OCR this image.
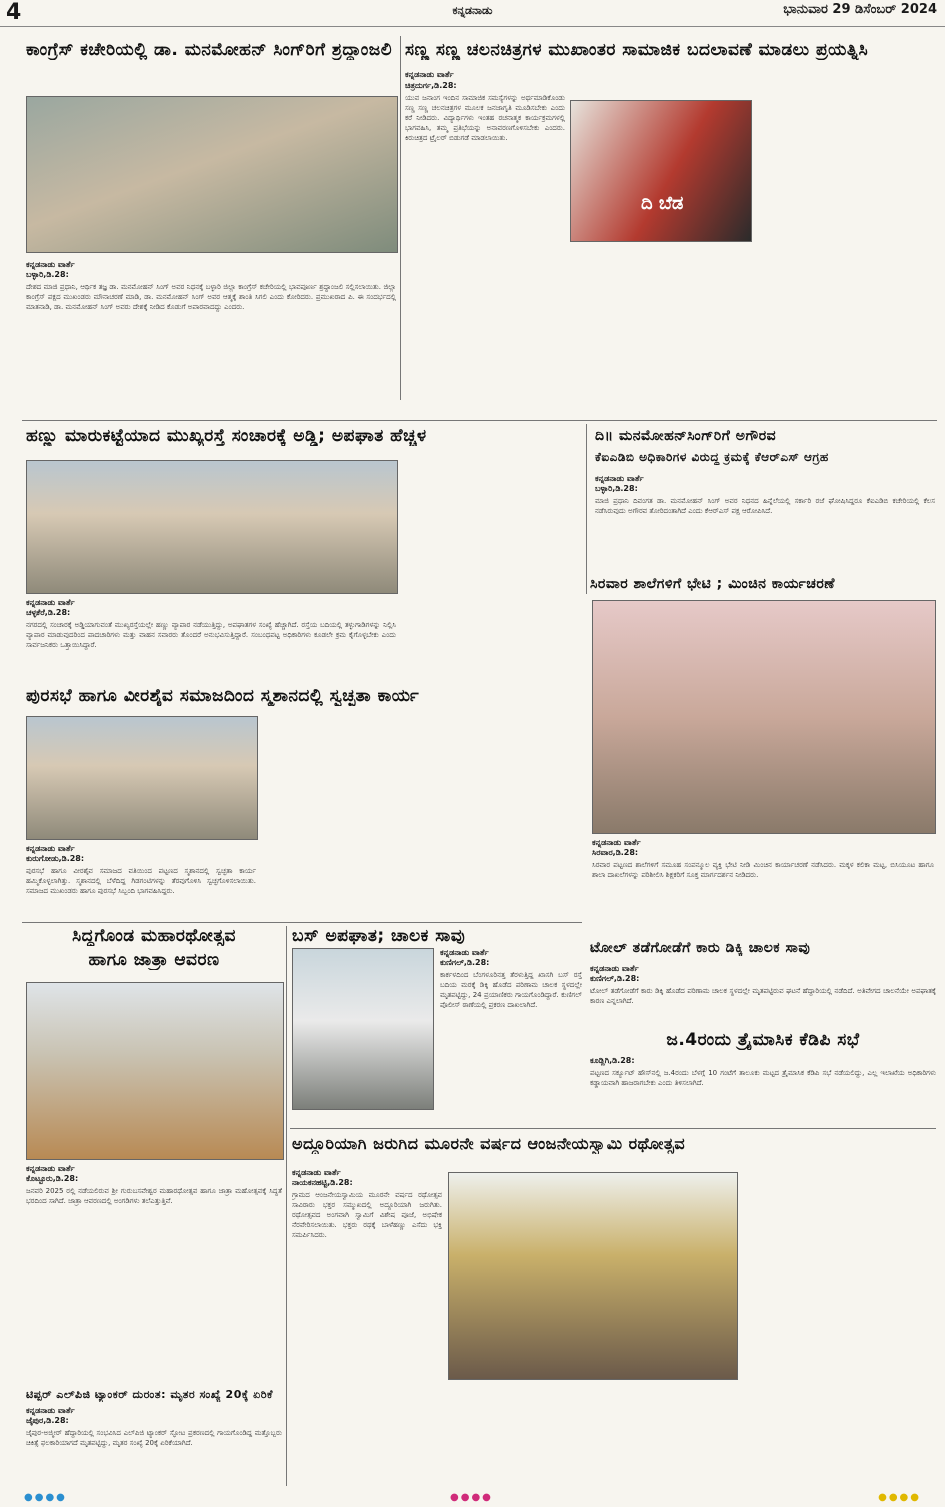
4	ಕನ್ನಡನಾಡು	ಭಾನುವಾರ 29 ಡಿಸೆಂಬರ್ 2024
ಕಾಂಗ್ರೆಸ್ ಕಚೇರಿಯಲ್ಲಿ ಡಾ. ಮನಮೋಹನ್ ಸಿಂಗ್‌ರಿಗೆ ಶ್ರದ್ಧಾಂಜಲಿ
ಕನ್ನಡನಾಡು ವಾರ್ತೆ
ಬಳ್ಳಾರಿ,ಡಿ.28:
ದೇಶದ ಮಾಜಿ ಪ್ರಧಾನಿ, ಆರ್ಥಿಕ ತಜ್ಞ ಡಾ. ಮನಮೋಹನ್ ಸಿಂಗ್ ಅವರ ನಿಧನಕ್ಕೆ ಬಳ್ಳಾರಿ ಜಿಲ್ಲಾ ಕಾಂಗ್ರೆಸ್ ಕಚೇರಿಯಲ್ಲಿ ಭಾವಪೂರ್ಣ ಶ್ರದ್ಧಾಂಜಲಿ ಸಲ್ಲಿಸಲಾಯಿತು. ಜಿಲ್ಲಾ ಕಾಂಗ್ರೆಸ್ ಪಕ್ಷದ ಮುಖಂಡರು ಮೌನಾಚರಣೆ ಮಾಡಿ, ಡಾ. ಮನಮೋಹನ್ ಸಿಂಗ್ ಅವರ ಆತ್ಮಕ್ಕೆ ಶಾಂತಿ ಸಿಗಲಿ ಎಂದು ಕೋರಿದರು. ಪ್ರಮುಖರಾದ ಪಿ. ಈ ಸಂದರ್ಭದಲ್ಲಿ ಮಾತನಾಡಿ, ಡಾ. ಮನಮೋಹನ್ ಸಿಂಗ್ ಅವರು ದೇಶಕ್ಕೆ ನೀಡಿದ ಕೊಡುಗೆ ಅಪಾರವಾದದ್ದು ಎಂದರು.
ಸಣ್ಣ ಸಣ್ಣ ಚಲನಚಿತ್ರಗಳ ಮುಖಾಂತರ ಸಾಮಾಜಿಕ ಬದಲಾವಣೆ ಮಾಡಲು ಪ್ರಯತ್ನಿಸಿ
ಕನ್ನಡನಾಡು ವಾರ್ತೆ
ಚಿತ್ರದುರ್ಗ,ಡಿ.28:
ಯುವ ಜನಾಂಗ ಇಂದಿನ ಸಾಮಾಜಿಕ ಸಮಸ್ಯೆಗಳನ್ನು ಅರ್ಥಮಾಡಿಕೊಂಡು ಸಣ್ಣ ಸಣ್ಣ ಚಲನಚಿತ್ರಗಳ ಮೂಲಕ ಜನಜಾಗೃತಿ ಮೂಡಿಸಬೇಕು ಎಂದು ಕರೆ ನೀಡಿದರು. ವಿದ್ಯಾರ್ಥಿಗಳು ಇಂತಹ ರಚನಾತ್ಮಕ ಕಾರ್ಯಕ್ರಮಗಳಲ್ಲಿ ಭಾಗವಹಿಸಿ, ತಮ್ಮ ಪ್ರತಿಭೆಯನ್ನು ಅನಾವರಣಗೊಳಿಸಬೇಕು ಎಂದರು. ಕಿರುಚಿತ್ರದ ಟ್ರೈಲರ್ ಬಿಡುಗಡೆ ಮಾಡಲಾಯಿತು.
ದಿ ಬೆಡ
ಹಣ್ಣು ಮಾರುಕಟ್ಟೆಯಾದ ಮುಖ್ಯರಸ್ತೆ ಸಂಚಾರಕ್ಕೆ ಅಡ್ಡಿ; ಅಪಘಾತ ಹೆಚ್ಚಳ
ಕನ್ನಡನಾಡು ವಾರ್ತೆ
ಚಳ್ಳಕೆರೆ,ಡಿ.28:
ನಗರದಲ್ಲಿ ಸಂಚಾರಕ್ಕೆ ಅಡ್ಡಿಯಾಗುವಂತೆ ಮುಖ್ಯರಸ್ತೆಯಲ್ಲೇ ಹಣ್ಣು ವ್ಯಾಪಾರ ನಡೆಯುತ್ತಿದ್ದು, ಅಪಘಾತಗಳ ಸಂಖ್ಯೆ ಹೆಚ್ಚಾಗಿದೆ. ರಸ್ತೆಯ ಬದಿಯಲ್ಲಿ ತಳ್ಳುಗಾಡಿಗಳನ್ನು ನಿಲ್ಲಿಸಿ ವ್ಯಾಪಾರ ಮಾಡುವುದರಿಂದ ಪಾದಚಾರಿಗಳು ಮತ್ತು ವಾಹನ ಸವಾರರು ತೊಂದರೆ ಅನುಭವಿಸುತ್ತಿದ್ದಾರೆ. ಸಂಬಂಧಪಟ್ಟ ಅಧಿಕಾರಿಗಳು ಕೂಡಲೇ ಕ್ರಮ ಕೈಗೊಳ್ಳಬೇಕು ಎಂದು ಸಾರ್ವಜನಿಕರು ಒತ್ತಾಯಿಸಿದ್ದಾರೆ.
ದಿ॥ ಮನಮೋಹನ್‌ಸಿಂಗ್‌ರಿಗೆ ಅಗೌರವ
ಕೆಐಎಡಿಬಿ ಅಧಿಕಾರಿಗಳ ವಿರುದ್ಧ ಕ್ರಮಕ್ಕೆ ಕೆಆರ್‌ಎಸ್ ಆಗ್ರಹ
ಕನ್ನಡನಾಡು ವಾರ್ತೆ
ಬಳ್ಳಾರಿ,ಡಿ.28:
ಮಾಜಿ ಪ್ರಧಾನಿ ದಿವಂಗತ ಡಾ. ಮನಮೋಹನ್ ಸಿಂಗ್ ಅವರ ನಿಧನದ ಹಿನ್ನೆಲೆಯಲ್ಲಿ ಸರ್ಕಾರಿ ರಜೆ ಘೋಷಿಸಿದ್ದರೂ ಕೆಐಎಡಿಬಿ ಕಚೇರಿಯಲ್ಲಿ ಕೆಲಸ ನಡೆಸಿರುವುದು ಅಗೌರವ ತೋರಿದಂತಾಗಿದೆ ಎಂದು ಕೆಆರ್‌ಎಸ್ ಪಕ್ಷ ಆರೋಪಿಸಿದೆ.
ಸಿರವಾರ ಶಾಲೆಗಳಿಗೆ ಭೇಟಿ ; ಮಿಂಚಿನ ಕಾರ್ಯಚರಣೆ
ಕನ್ನಡನಾಡು ವಾರ್ತೆ
ಸಿರವಾರ,ಡಿ.28:
ಸಿರವಾರ ಪಟ್ಟಣದ ಶಾಲೆಗಳಿಗೆ ಸಮೂಹ ಸಂಪನ್ಮೂಲ ವ್ಯಕ್ತಿ ಭೇಟಿ ನೀಡಿ ಮಿಂಚಿನ ಕಾರ್ಯಾಚರಣೆ ನಡೆಸಿದರು. ಮಕ್ಕಳ ಕಲಿಕಾ ಮಟ್ಟ, ಬಿಸಿಯೂಟ ಹಾಗೂ ಶಾಲಾ ದಾಖಲೆಗಳನ್ನು ಪರಿಶೀಲಿಸಿ ಶಿಕ್ಷಕರಿಗೆ ಸೂಕ್ತ ಮಾರ್ಗದರ್ಶನ ನೀಡಿದರು.
ಪುರಸಭೆ ಹಾಗೂ ವೀರಶೈವ ಸಮಾಜದಿಂದ ಸ್ಮಶಾನದಲ್ಲಿ ಸ್ವಚ್ಛತಾ ಕಾರ್ಯ
ಕನ್ನಡನಾಡು ವಾರ್ತೆ
ಕುರುಗೋಡು,ಡಿ.28:
ಪುರಸಭೆ ಹಾಗೂ ವೀರಶೈವ ಸಮಾಜದ ವತಿಯಿಂದ ಪಟ್ಟಣದ ಸ್ಮಶಾನದಲ್ಲಿ ಸ್ವಚ್ಛತಾ ಕಾರ್ಯ ಹಮ್ಮಿಕೊಳ್ಳಲಾಗಿತ್ತು. ಸ್ಮಶಾನದಲ್ಲಿ ಬೆಳೆದಿದ್ದ ಗಿಡಗಂಟಿಗಳನ್ನು ತೆರವುಗೊಳಿಸಿ ಸ್ವಚ್ಛಗೊಳಿಸಲಾಯಿತು. ಸಮಾಜದ ಮುಖಂಡರು ಹಾಗೂ ಪುರಸಭೆ ಸಿಬ್ಬಂದಿ ಭಾಗವಹಿಸಿದ್ದರು.
ಸಿದ್ಧಗೊಂಡ ಮಹಾರಥೋತ್ಸವ
ಹಾಗೂ ಜಾತ್ರಾ ಆವರಣ
ಕನ್ನಡನಾಡು ವಾರ್ತೆ
ಕೊಟ್ಟೂರು,ಡಿ.28:
ಜನವರಿ 2025 ರಲ್ಲಿ ನಡೆಯಲಿರುವ ಶ್ರೀ ಗುರುಬಸವೇಶ್ವರ ಮಹಾರಥೋತ್ಸವ ಹಾಗೂ ಜಾತ್ರಾ ಮಹೋತ್ಸವಕ್ಕೆ ಸಿದ್ಧತೆ ಭರದಿಂದ ಸಾಗಿದೆ. ಜಾತ್ರಾ ಆವರಣದಲ್ಲಿ ಅಂಗಡಿಗಳು ತಲೆಎತ್ತುತ್ತಿವೆ.
ಟಿಪ್ಪರ್ ಎಲ್‌ಪಿಜಿ ಟ್ಯಾಂಕರ್ ದುರಂತ: ಮೃತರ ಸಂಖ್ಯೆ 20ಕ್ಕೆ ಏರಿಕೆ
ಕನ್ನಡನಾಡು ವಾರ್ತೆ
ಜೈಪುರ,ಡಿ.28:
ಜೈಪುರ-ಅಜ್ಮೀರ್ ಹೆದ್ದಾರಿಯಲ್ಲಿ ಸಂಭವಿಸಿದ ಎಲ್‌ಪಿಜಿ ಟ್ಯಾಂಕರ್ ಸ್ಫೋಟ ಪ್ರಕರಣದಲ್ಲಿ ಗಾಯಗೊಂಡಿದ್ದ ಮತ್ತೊಬ್ಬರು ಚಿಕಿತ್ಸೆ ಫಲಕಾರಿಯಾಗದೆ ಮೃತಪಟ್ಟಿದ್ದು, ಮೃತರ ಸಂಖ್ಯೆ 20ಕ್ಕೆ ಏರಿಕೆಯಾಗಿದೆ.
ಬಸ್ ಅಪಘಾತ; ಚಾಲಕ ಸಾವು
ಕನ್ನಡನಾಡು ವಾರ್ತೆ
ಕುಣಿಗಲ್,ಡಿ.28:
ಕಾರ್ಕಳದಿಂದ ಬೆಂಗಳೂರಿನತ್ತ ತೆರಳುತ್ತಿದ್ದ ಖಾಸಗಿ ಬಸ್ ರಸ್ತೆ ಬದಿಯ ಮರಕ್ಕೆ ಡಿಕ್ಕಿ ಹೊಡೆದ ಪರಿಣಾಮ ಚಾಲಕ ಸ್ಥಳದಲ್ಲೇ ಮೃತಪಟ್ಟಿದ್ದು, 24 ಪ್ರಯಾಣಿಕರು ಗಾಯಗೊಂಡಿದ್ದಾರೆ. ಕುಣಿಗಲ್ ಪೊಲೀಸ್ ಠಾಣೆಯಲ್ಲಿ ಪ್ರಕರಣ ದಾಖಲಾಗಿದೆ.
ಟೋಲ್ ತಡೆಗೋಡೆಗೆ ಕಾರು ಡಿಕ್ಕಿ ಚಾಲಕ ಸಾವು
ಕನ್ನಡನಾಡು ವಾರ್ತೆ
ಕುಣಿಗಲ್,ಡಿ.28:
ಟೋಲ್ ತಡೆಗೋಡೆಗೆ ಕಾರು ಡಿಕ್ಕಿ ಹೊಡೆದ ಪರಿಣಾಮ ಚಾಲಕ ಸ್ಥಳದಲ್ಲೇ ಮೃತಪಟ್ಟಿರುವ ಘಟನೆ ಹೆದ್ದಾರಿಯಲ್ಲಿ ನಡೆದಿದೆ. ಅತಿವೇಗದ ಚಾಲನೆಯೇ ಅಪಘಾತಕ್ಕೆ ಕಾರಣ ಎನ್ನಲಾಗಿದೆ.
ಜ.4ರಂದು ತ್ರೈಮಾಸಿಕ ಕೆಡಿಪಿ ಸಭೆ
ಕೂಡ್ಲಿಗಿ,ಡಿ.28:
ಪಟ್ಟಣದ ಸರ್ಕ್ಯೂಟ್ ಹೌಸ್‌ನಲ್ಲಿ ಜ.4ರಂದು ಬೆಳಗ್ಗೆ 10 ಗಂಟೆಗೆ ತಾಲೂಕು ಮಟ್ಟದ ತ್ರೈಮಾಸಿಕ ಕೆಡಿಪಿ ಸಭೆ ನಡೆಯಲಿದ್ದು, ಎಲ್ಲ ಇಲಾಖೆಯ ಅಧಿಕಾರಿಗಳು ಕಡ್ಡಾಯವಾಗಿ ಹಾಜರಾಗಬೇಕು ಎಂದು ತಿಳಿಸಲಾಗಿದೆ.
ಅದ್ದೂರಿಯಾಗಿ ಜರುಗಿದ ಮೂರನೇ ವರ್ಷದ ಆಂಜನೇಯಸ್ವಾಮಿ ರಥೋತ್ಸವ
ಕನ್ನಡನಾಡು ವಾರ್ತೆ
ನಾಯಕನಹಟ್ಟಿ,ಡಿ.28:
ಗ್ರಾಮದ ಆಂಜನೇಯಸ್ವಾಮಿಯ ಮೂರನೇ ವರ್ಷದ ರಥೋತ್ಸವ ಸಾವಿರಾರು ಭಕ್ತರ ಸಮ್ಮುಖದಲ್ಲಿ ಅದ್ದೂರಿಯಾಗಿ ಜರುಗಿತು. ರಥೋತ್ಸವದ ಅಂಗವಾಗಿ ಸ್ವಾಮಿಗೆ ವಿಶೇಷ ಪೂಜೆ, ಅಭಿಷೇಕ ನೆರವೇರಿಸಲಾಯಿತು. ಭಕ್ತರು ರಥಕ್ಕೆ ಬಾಳೆಹಣ್ಣು ಎಸೆದು ಭಕ್ತಿ ಸಮರ್ಪಿಸಿದರು.
●●●●	●●●●	●●●●
